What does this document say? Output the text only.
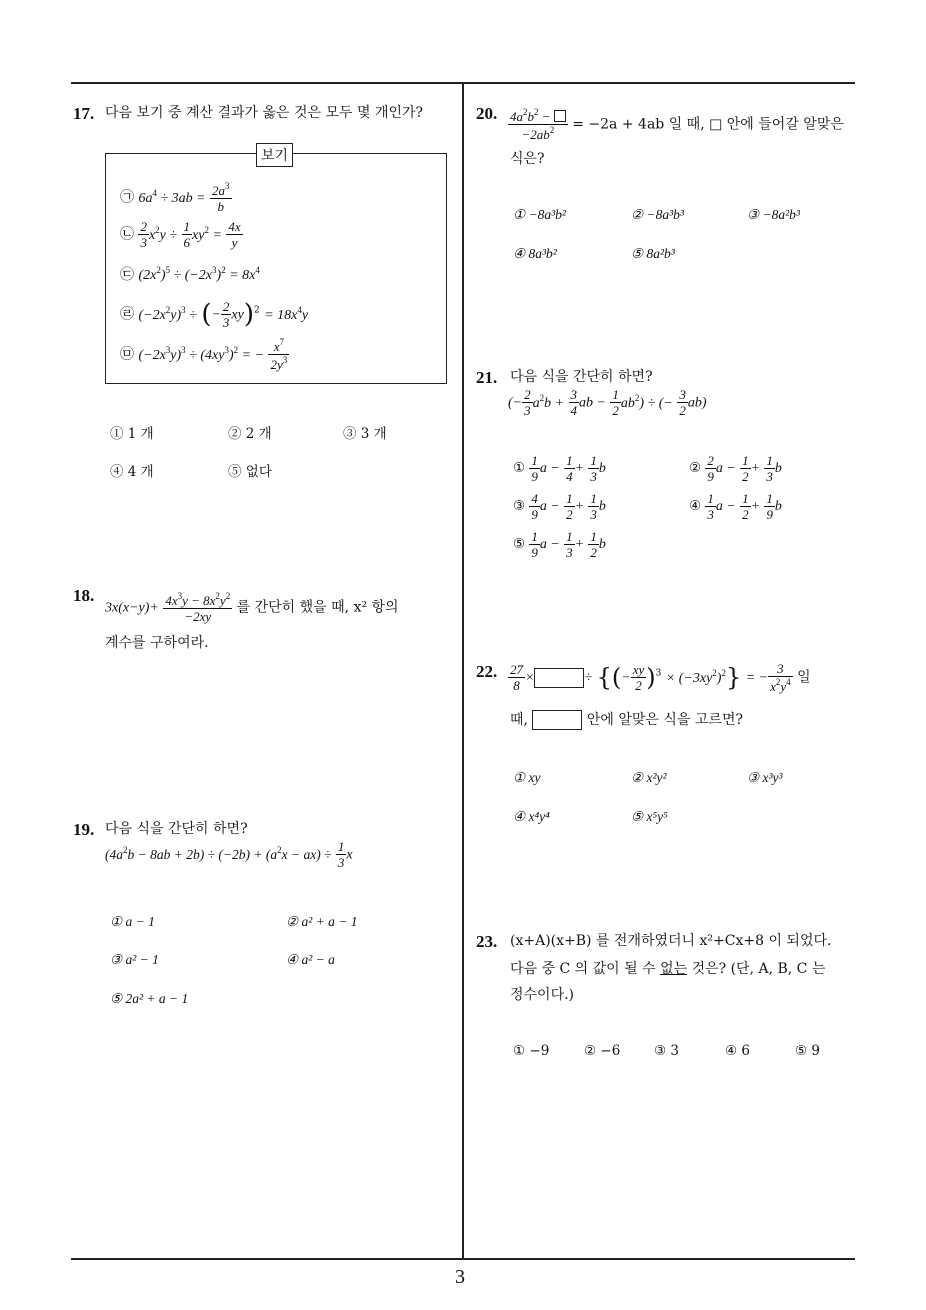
3
17. 다음 보기 중 계산 결과가 옳은 것은 모두 몇 개인가?
보기
㉠ $6a^4 \div 3ab = \frac{2a^3}{b}$
㉡ $\frac{2}{3} x^2y \div \frac{1}{6} xy^2 = \frac{4x}{y}$
㉢ $(2x^2)^5 \div (-2x^3)^2 = 8x^4$
㉣ $(-2x^2y)^3$ ÷ (− $\frac{2}{3} xy)^2 = 18x^4y$
㉤ $(-2x^3y)^3 \div (4xy^3)^2$ = − $\frac{x^7}{2y^3}$
① 1 개	② 2 개	③ 3 개
④ 4 개	⑤ 없다
18.
$3x(x-y)+ \frac{4x^3y - 8x^2y^2}{-2xy}$ 를 간단히 했을 때, x² 항의
계수를 구하여라.
19. 다음 식을 간단히 하면?
$(4a^2b - 8ab + 2b) \div (-2b) + (a^2x - ax) \div \frac{1}{3}$ x
① a − 1	② a² + a − 1
③ a² − 1	④ a² − a
⑤ 2a² + a − 1
20. $\frac{4a^2b^2 -}{-2ab^2} = -2a + 4ab$ 일 때, □ 안에 들어갈 알맞은
식은?
① −8a³b²	② −8a³b³	③ −8a²b³
④ 8a³b²	⑤ 8a²b³
21. 다음 식을 간단히 하면?
(− $\frac{2}{3} a^2b + \frac{3}{4}$ ab − $\frac{1}{2} ab^2$) ÷ (− $\frac{3}{2} ab$)
① $\frac{1}{9}$ $a - \frac{1}{4} + \frac{1}{3}$ b	② $\frac{2}{9}$ $a - \frac{1}{2} + \frac{1}{3}$ b
③ $\frac{4}{9}$ $a - \frac{1}{2} + \frac{1}{3}$ b	④ $\frac{1}{3}$ $a - \frac{1}{2} + \frac{1}{9}$ b
⑤ $\frac{1}{9}$ $a - \frac{1}{3} + \frac{1}{2}$ b
22. $\frac{27}{8}$ ×	÷ {(− $\frac{xy}{2} )^3 \times (-3xy^2)^2$} = − $\frac{3}{x^2y^4}$ 일
때,	안에 알맞은 식을 고르면?
① xy	② x²y²	③ x³y³
④ x⁴y⁴	⑤ x⁵y⁵
23. (x+A)(x+B) 를 전개하였더니 x²+Cx+8 이 되었다.
다음 중 C 의 값이 될 수 없는 것은? (단, A, B, C 는
정수이다.)
① −9	② −6 ③ 3	④ 6	⑤ 9
